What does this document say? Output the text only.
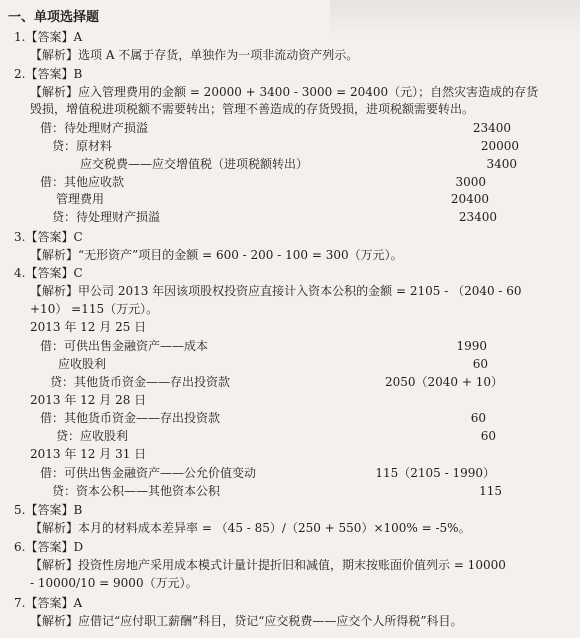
一、单项选择题
1.【答案】A
【解析】选项 A 不属于存货，单独作为一项非流动资产列示。
2.【答案】B
【解析】应入管理费用的金额 = 20000 + 3400 - 3000 = 20400（元）；自然灾害造成的存货
毁损，增值税进项税额不需要转出；管理不善造成的存货毁损，进项税额需要转出。
借：待处理财产损溢	23400
贷：原材料	20000
应交税费——应交增值税（进项税额转出）	3400
借：其他应收款	3000
管理费用	20400
贷：待处理财产损溢	23400
3.【答案】C
【解析】“无形资产”项目的金额 = 600 - 200 - 100 = 300（万元）。
4.【答案】C
【解析】甲公司 2013 年因该项股权投资应直接计入资本公积的金额 = 2105 - （2040 - 60
+10） =115（万元）。
2013 年 12 月 25 日
借：可供出售金融资产——成本	1990
应收股利	60
贷：其他货币资金——存出投资款	2050（2040 + 10）
2013 年 12 月 28 日
借：其他货币资金——存出投资款	60
贷：应收股利	60
2013 年 12 月 31 日
借：可供出售金融资产——公允价值变动	115（2105 - 1990）
贷：资本公积——其他资本公积	115
5.【答案】B
【解析】本月的材料成本差异率 = （45 - 85）/（250 + 550）×100% = -5%。
6.【答案】D
【解析】投资性房地产采用成本模式计量计提折旧和减值，期末按账面价值列示 = 10000
- 10000/10 = 9000（万元）。
7.【答案】A
【解析】应借记“应付职工薪酬”科目，贷记“应交税费——应交个人所得税”科目。
